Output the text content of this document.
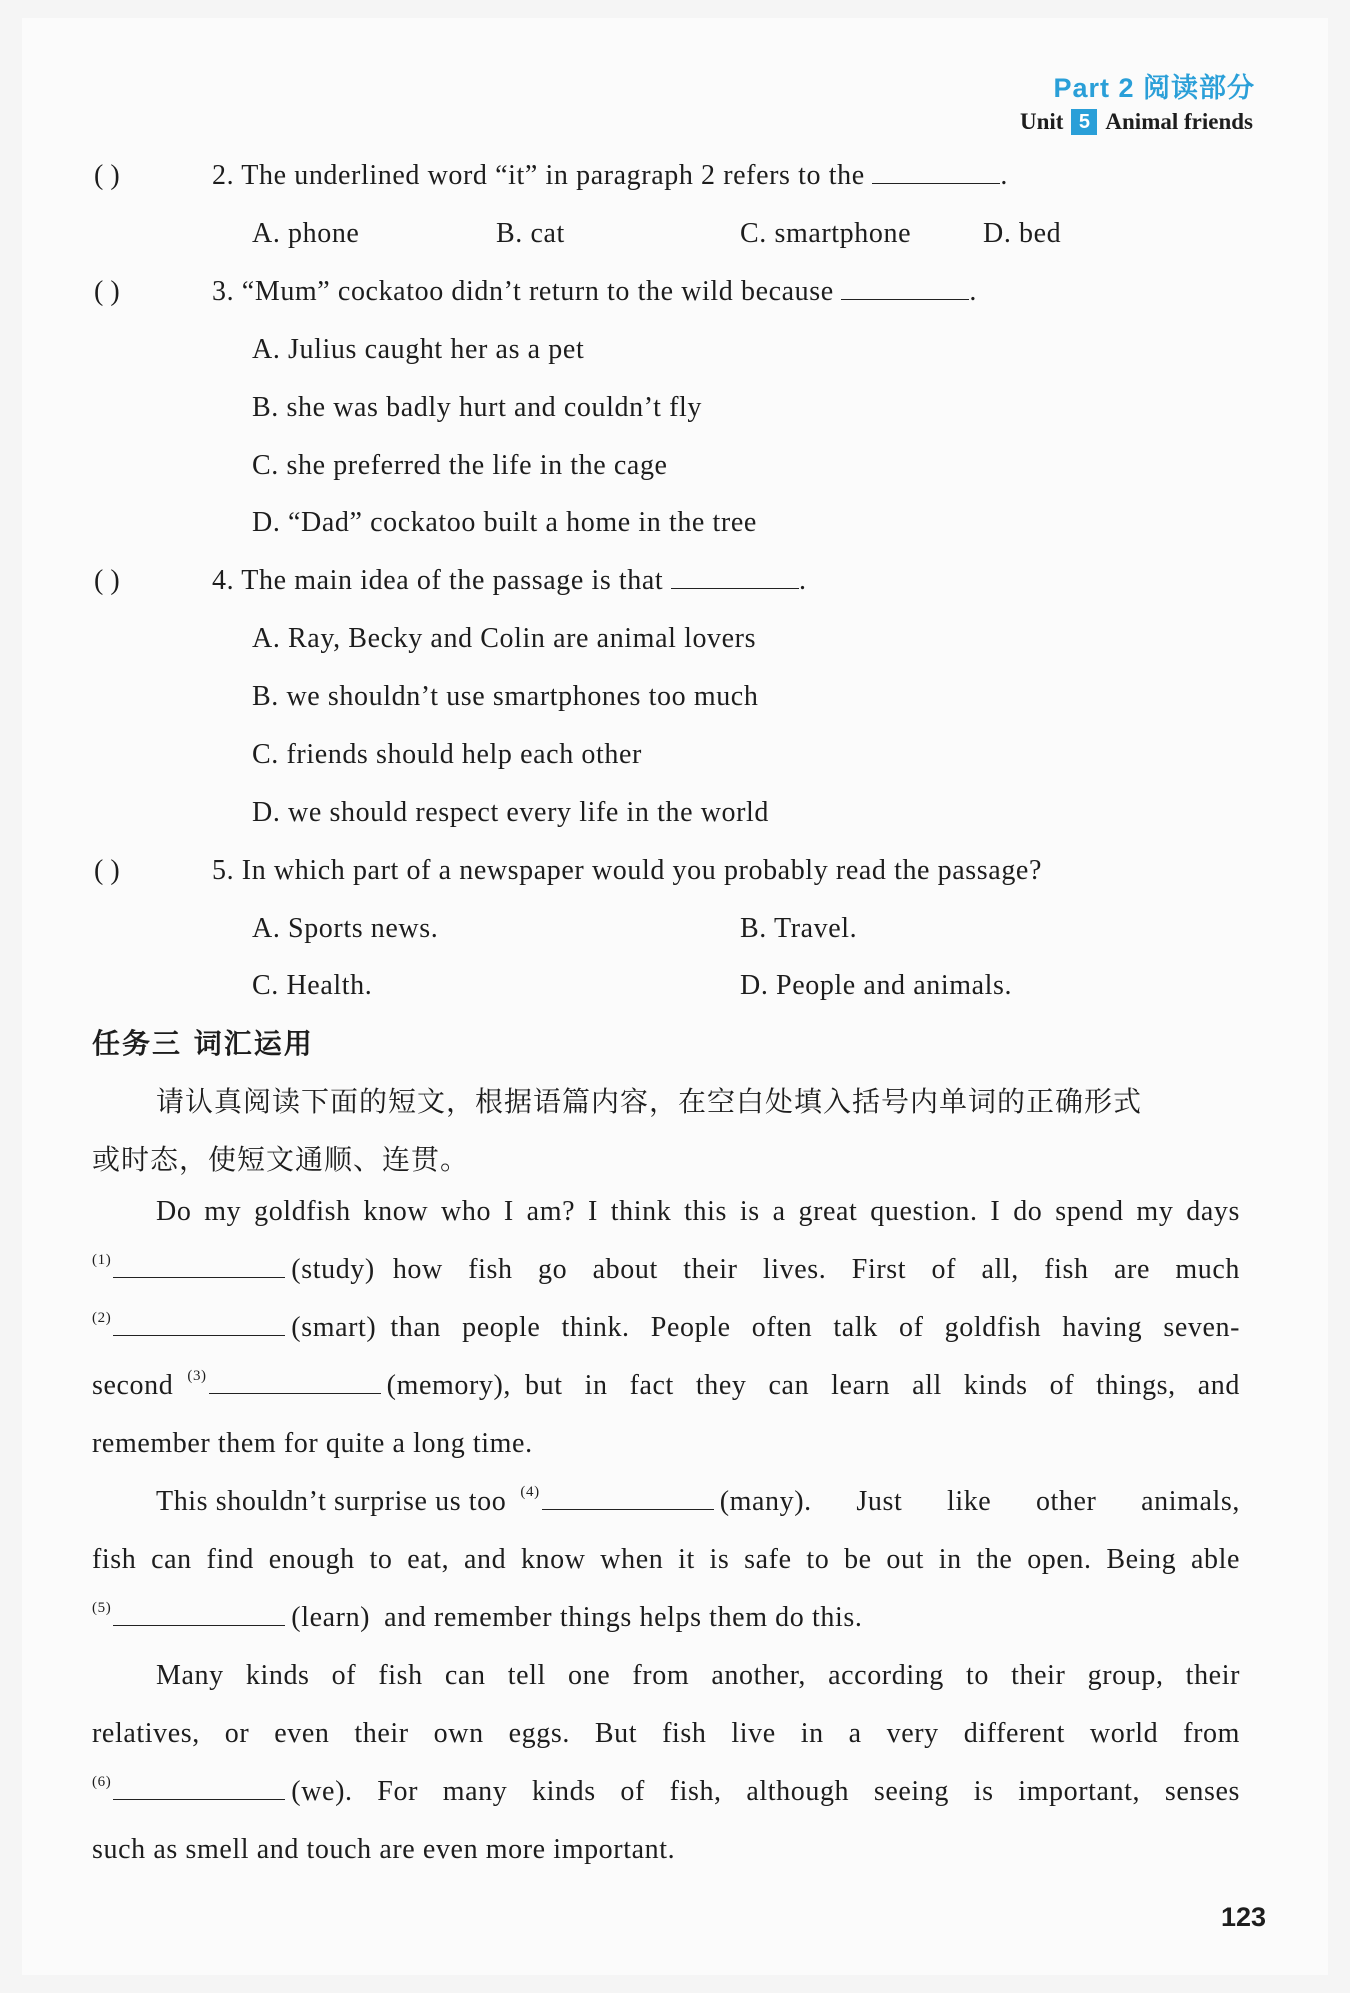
Part 2 阅读部分
Unit 5 Animal friends
( )	2. The underlined word “it” in paragraph 2 refers to the	.
A. phone	B. cat	C. smartphone	D. bed
( )	3. “Mum” cockatoo didn’t return to the wild because	.
A. Julius caught her as a pet
B. she was badly hurt and couldn’t fly
C. she preferred the life in the cage
D. “Dad” cockatoo built a home in the tree
( )	4. The main idea of the passage is that	.
A. Ray, Becky and Colin are animal lovers
B. we shouldn’t use smartphones too much
C. friends should help each other
D. we should respect every life in the world
( )	5. In which part of a newspaper would you probably read the passage?
A. Sports news.	B. Travel.
C. Health.	D. People and animals.
任务三 词汇运用
请认真阅读下面的短文，根据语篇内容，在空白处填入括号内单词的正确形式
或时态，使短文通顺、连贯。
Do my goldfish know who I am? I think this is a great question. I do spend my days
(1)	(study) how fish go about their lives. First of all, fish are much
(2)	(smart) than people think. People often talk of goldfish having seven-
second (3)	(memory), but in fact they can learn all kinds of things, and
remember them for quite a long time.
This shouldn’t surprise us too (4)	(many). Just like other animals,
fish can find enough to eat, and know when it is safe to be out in the open. Being able
(5)	(learn) and remember things helps them do this.
Many kinds of fish can tell one from another, according to their group, their
relatives, or even their own eggs. But fish live in a very different world from
(6)	(we). For many kinds of fish, although seeing is important, senses
such as smell and touch are even more important.
123
